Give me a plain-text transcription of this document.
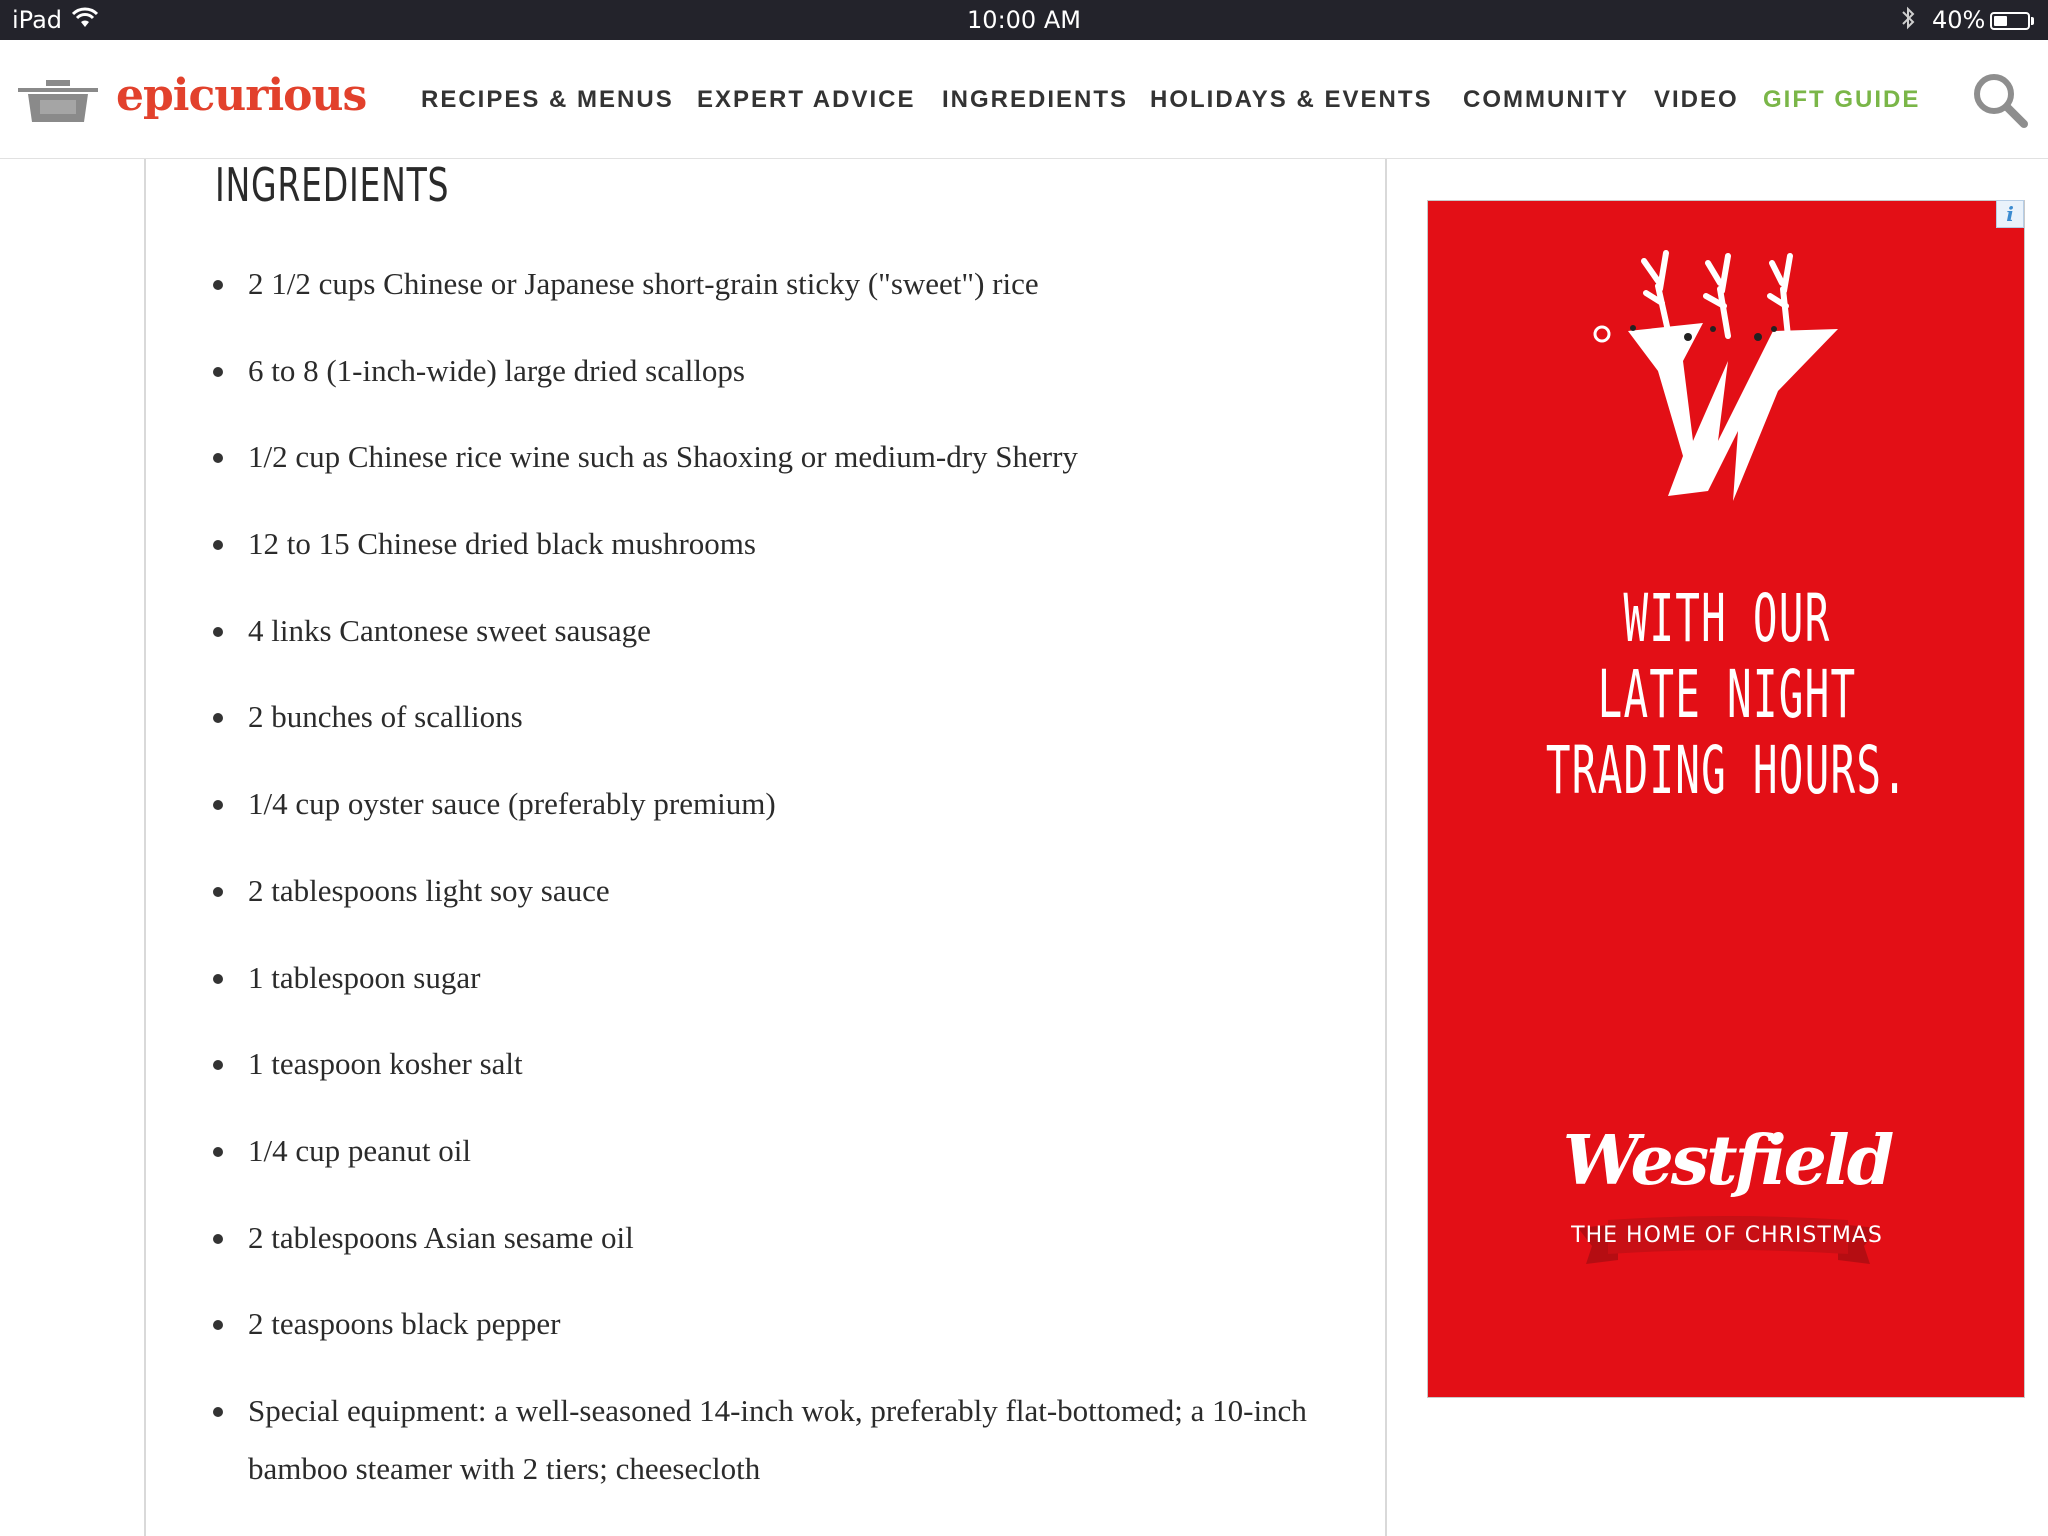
iPad	10:00 AM	40%
epicurious RECIPES & MENUS EXPERT ADVICE INGREDIENTS HOLIDAYS & EVENTS COMMUNITY VIDEO GIFT GUIDE
INGREDIENTS
2 1/2 cups Chinese or Japanese short-grain sticky ("sweet") rice
6 to 8 (1-inch-wide) large dried scallops
1/2 cup Chinese rice wine such as Shaoxing or medium-dry Sherry
12 to 15 Chinese dried black mushrooms
4 links Cantonese sweet sausage
2 bunches of scallions
1/4 cup oyster sauce (preferably premium)
2 tablespoons light soy sauce
1 tablespoon sugar
1 teaspoon kosher salt
1/4 cup peanut oil
2 tablespoons Asian sesame oil
2 teaspoons black pepper
Special equipment: a well-seasoned 14-inch wok, preferably flat-bottomed; a 10-inch bamboo steamer with 2 tiers; cheesecloth
WITH OUR
LATE NIGHT
TRADING HOURS.
Westfield
THE HOME OF CHRISTMAS
i
